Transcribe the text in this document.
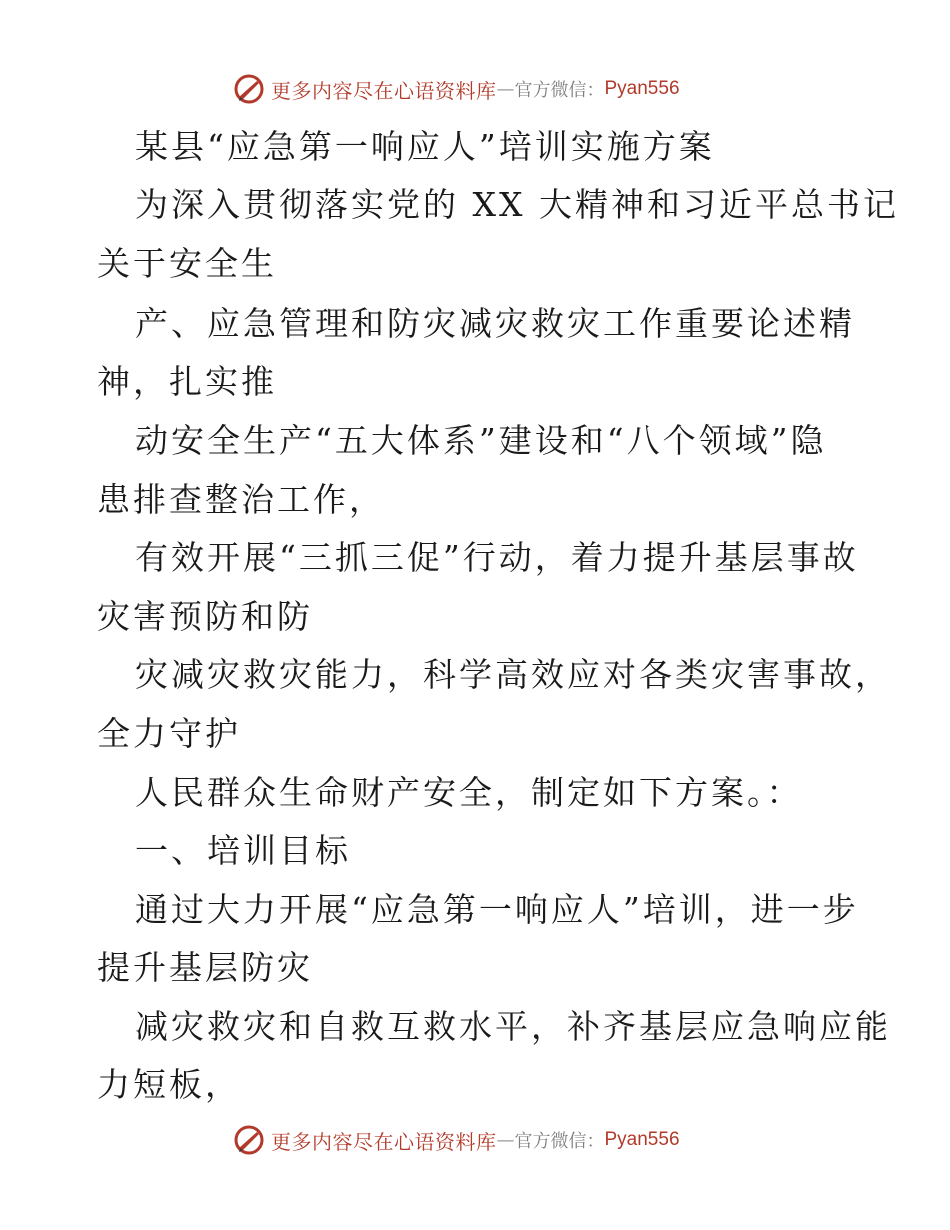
更多内容尽在心语资料库 — 官方微信： Pyan556
某县“应急第一响应人”培训实施方案
为深入贯彻落实党的 XX 大精神和习近平总书记
关于安全生
产、应急管理和防灾减灾救灾工作重要论述精
神，扎实推
动安全生产“五大体系”建设和“八个领域”隐
患排查整治工作，
有效开展“三抓三促”行动，着力提升基层事故
灾害预防和防
灾减灾救灾能力，科学高效应对各类灾害事故，
全力守护
人民群众生命财产安全，制定如下方案。：
一、培训目标
通过大力开展“应急第一响应人”培训，进一步
提升基层防灾
减灾救灾和自救互救水平，补齐基层应急响应能
力短板，
更多内容尽在心语资料库 — 官方微信： Pyan556
